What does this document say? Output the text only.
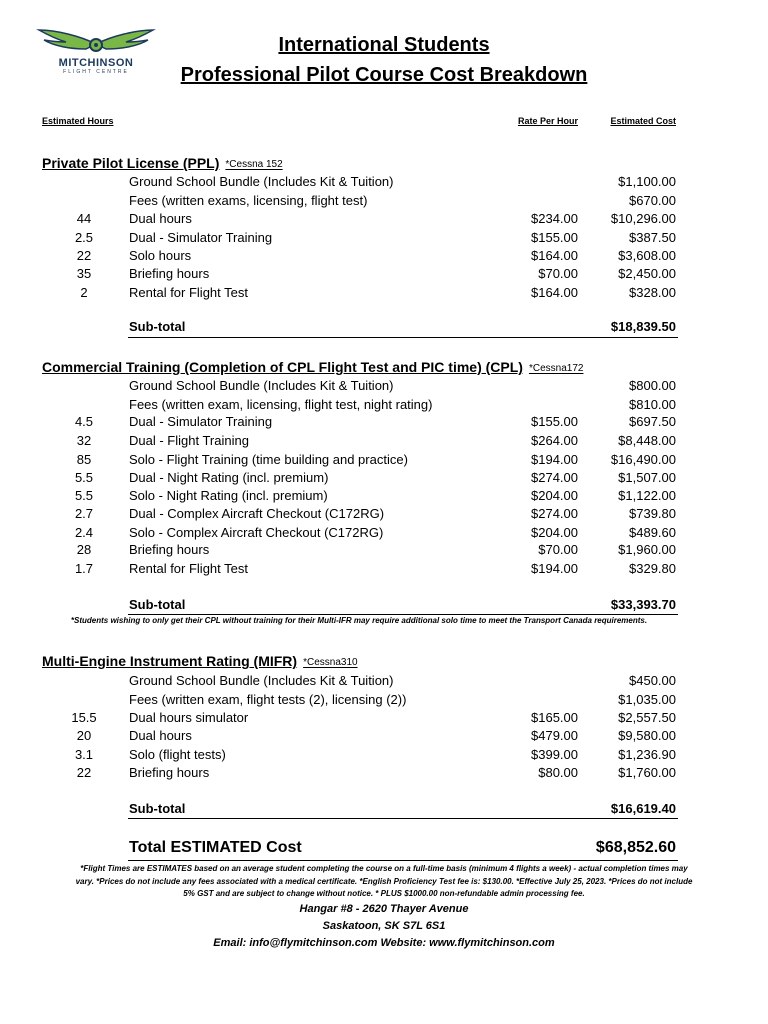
MITCHINSON
FLIGHT CENTRE
International Students
Professional Pilot Course Cost Breakdown
Estimated Hours	Rate Per Hour	Estimated Cost
Private Pilot License (PPL) *Cessna 152
Ground School Bundle (Includes Kit & Tuition)	$1,100.00
Fees (written exams, licensing, flight test)	$670.00
44	Dual hours	$234.00	$10,296.00
2.5	Dual - Simulator Training	$155.00	$387.50
22	Solo hours	$164.00	$3,608.00
35	Briefing hours	$70.00	$2,450.00
2	Rental for Flight Test	$164.00	$328.00
Sub-total	$18,839.50
Commercial Training (Completion of CPL Flight Test and PIC time) (CPL) *Cessna172
Ground School Bundle (Includes Kit & Tuition)	$800.00
Fees (written exam, licensing, flight test, night rating)	$810.00
4.5	Dual - Simulator Training	$155.00	$697.50
32	Dual - Flight Training	$264.00	$8,448.00
85	Solo - Flight Training (time building and practice)	$194.00	$16,490.00
5.5	Dual - Night Rating (incl. premium)	$274.00	$1,507.00
5.5	Solo - Night Rating (incl. premium)	$204.00	$1,122.00
2.7	Dual - Complex Aircraft Checkout (C172RG)	$274.00	$739.80
2.4	Solo - Complex Aircraft Checkout (C172RG)	$204.00	$489.60
28	Briefing hours	$70.00	$1,960.00
1.7	Rental for Flight Test	$194.00	$329.80
Sub-total	$33,393.70
*Students wishing to only get their CPL without training for their Multi-IFR may require additional solo time to meet the Transport Canada requirements.
Multi-Engine Instrument Rating (MIFR) *Cessna310
Ground School Bundle (Includes Kit & Tuition)	$450.00
Fees (written exam, flight tests (2), licensing (2))	$1,035.00
15.5	Dual hours simulator	$165.00	$2,557.50
20	Dual hours	$479.00	$9,580.00
3.1	Solo (flight tests)	$399.00	$1,236.90
22	Briefing hours	$80.00	$1,760.00
Sub-total	$16,619.40
Total ESTIMATED Cost	$68,852.60
*Flight Times are ESTIMATES based on an average student completing the course on a full-time basis (minimum 4 flights a week) - actual completion times may
vary. *Prices do not include any fees associated with a medical certificate. *English Proficiency Test fee is: $130.00. *Effective July 25, 2023. *Prices do not include
5% GST and are subject to change without notice. * PLUS $1000.00 non-refundable admin processing fee.
Hangar #8 - 2620 Thayer Avenue
Saskatoon, SK S7L 6S1
Email: info@flymitchinson.com Website: www.flymitchinson.com
